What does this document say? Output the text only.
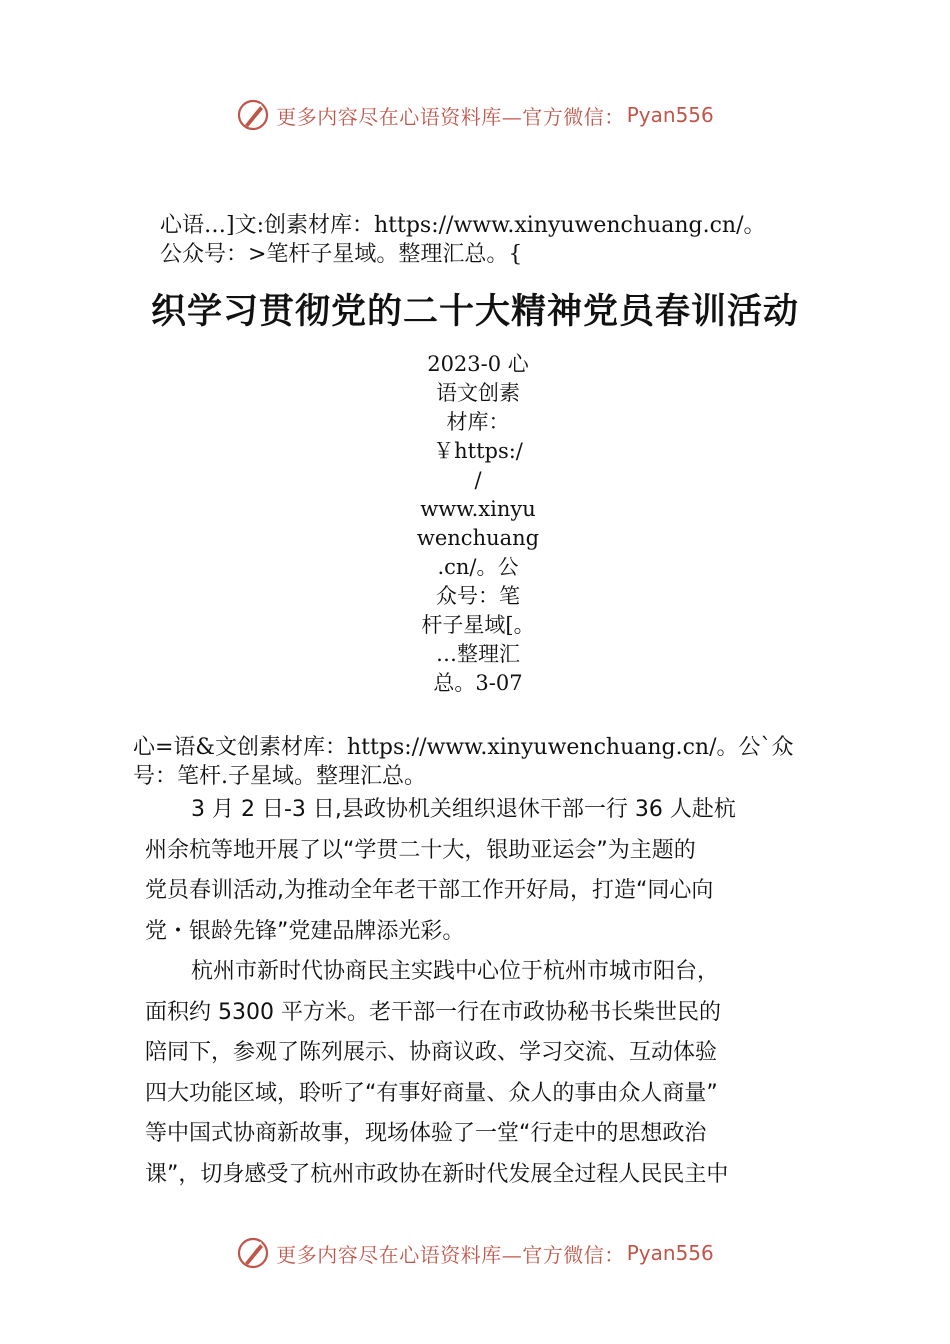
更多内容尽在心语资料库—官方微信： Pyan556
心语…]文:创素材库：https://www.xinyuwenchuang.cn/。
公众号：>笔杆子星域。整理汇总。{
织学习贯彻党的二十大精神党员春训活动
2023-0 心
语文创素
材库：
￥https:/
/
www.xinyu
wenchuang
.cn/。公
众号：笔
杆子星域[。
…整理汇
总。3-07
心=语&文创素材库：https://www.xinyuwenchuang.cn/。公`众
号：笔杆.子星域。整理汇总。
3 月 2 日-3 日,县政协机关组织退休干部一行 36 人赴杭
州余杭等地开展了以“学贯二十大，银助亚运会”为主题的
党员春训活动,为推动全年老干部工作开好局，打造“同心向
党・银龄先锋”党建品牌添光彩。
杭州市新时代协商民主实践中心位于杭州市城市阳台，
面积约 5300 平方米。老干部一行在市政协秘书长柴世民的
陪同下，参观了陈列展示、协商议政、学习交流、互动体验
四大功能区域，聆听了“有事好商量、众人的事由众人商量”
等中国式协商新故事，现场体验了一堂“行走中的思想政治
课”，切身感受了杭州市政协在新时代发展全过程人民民主中
更多内容尽在心语资料库—官方微信： Pyan556
